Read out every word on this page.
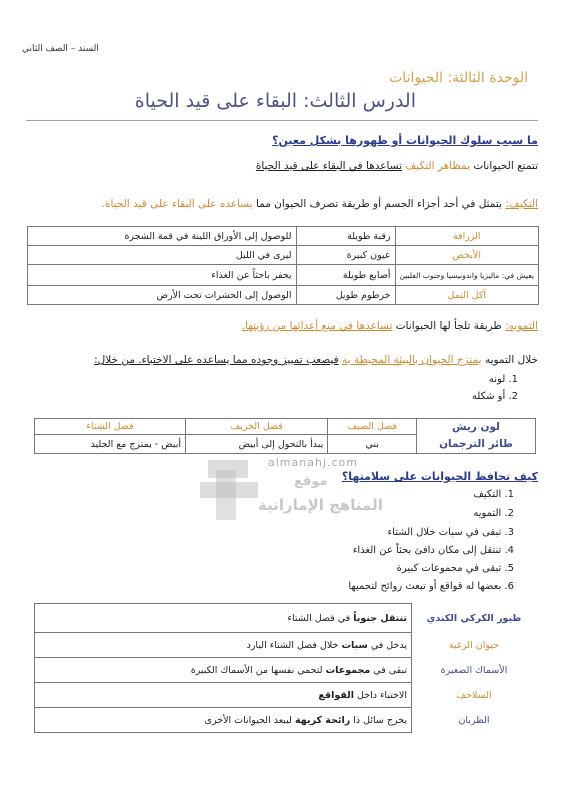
السند – الصف الثاني
الوحدة الثالثة: الحيوانات
الدرس الثالث: البقاء على قيد الحياة
ما سبب سلوك الحيوانات أو ظهورها بشكل معين؟
تتمتع الحيوانات بمظاهر التكيف تساعدها في البقاء على قيد الحياة
التكيف: يتمثل في أحد أجزاء الجسم أو طريقة تصرف الحيوان مما يساعده على البقاء على قيد الحياة.
الزرافة	رقبة طويلة	للوصول إلى الأوراق اللينة في قمة الشجرة
الأبخص	عيون كبيرة	ليرى في الليل
يعيش في: ماليزيا واندونيسيا وجنوب الفلبين	أصابع طويلة	يحفر باحثاً عن الغذاء
آكل النمل	خرطوم طويل	الوصول إلى الحشرات تحت الأرض
التمويه: طريقة تلجأ لها الحيوانات تساعدها في منع أعدائها من رؤيتها.
خلال التمويه يمتزج الحيوان بالبيئة المحيطة به فيصعب تمييز وجوده مما يساعده على الاختباء. من خلال:
1. لونه
2. أو شكله
لون ريش
طائر الترجمان	فصل الصيف	فصل الخريف	فصل الشتاء
	بني	يبدأ بالتحول إلى أبيض	أبيض - يمتزج مع الجليد
كيف تحافظ الحيوانات على سلامتها؟
almanahj.com
موقع
المناهج الإماراتية
1. التكيف
2. التمويه
3. تبقى في سبات خلال الشتاء
4. تنتقل إلى مكان دافئ بحثاً عن الغذاء
5. تبقى في مجموعات كبيرة
6. بعضها له قواقع أو تبعث روائح لتحميها
طيور الكركي الكندي	تنتقل جنوباً في فصل الشتاء
حيوان الزغبة	يدخل في سبات خلال فصل الشتاء البارد
الأسماك الصغيرة	تبقى في مجموعات لتحمي نفسها من الأسماك الكبيرة
السلاحف	الاختباء داخل القواقع
الظربان	يخرج سائل ذا رائحة كريهة ليبعد الحيوانات الأخرى
